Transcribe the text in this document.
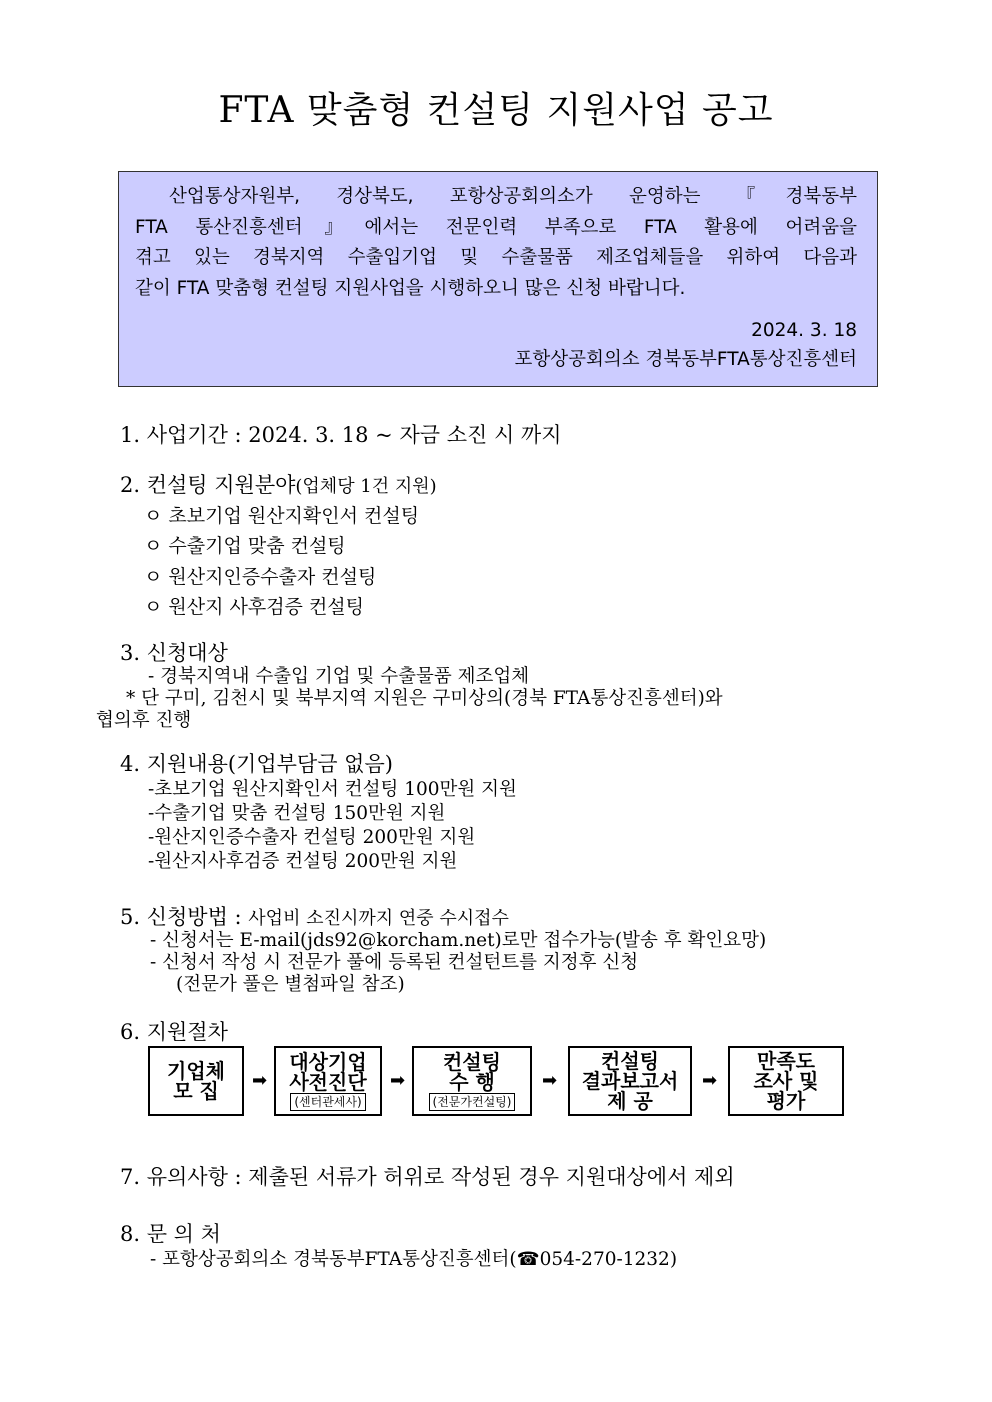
FTA 맞춤형 컨설팅 지원사업 공고
산업통상자원부, 경상북도, 포항상공회의소가 운영하는 『경북동부
FTA 통산진흥센터』에서는 전문인력 부족으로 FTA 활용에 어려움을
겪고 있는 경북지역 수출입기업 및 수출물품 제조업체들을 위하여 다음과
같이 FTA 맞춤형 컨설팅 지원사업을 시행하오니 많은 신청 바랍니다.
2024. 3. 18
포항상공회의소 경북동부FTA통상진흥센터
1. 사업기간 : 2024. 3. 18 ~ 자금 소진 시 까지
2. 컨설팅 지원분야(업체당 1건 지원)
ㅇ 초보기업 원산지확인서 컨설팅
ㅇ 수출기업 맞춤 컨설팅
ㅇ 원산지인증수출자 컨설팅
ㅇ 원산지 사후검증 컨설팅
3. 신청대상
- 경북지역내 수출입 기업 및 수출물품 제조업체
* 단 구미, 김천시 및 북부지역 지원은 구미상의(경북 FTA통상진흥센터)와
협의후 진행
4. 지원내용(기업부담금 없음)
-초보기업 원산지확인서 컨설팅 100만원 지원
-수출기업 맞춤 컨설팅 150만원 지원
-원산지인증수출자 컨설팅 200만원 지원
-원산지사후검증 컨설팅 200만원 지원
5. 신청방법 : 사업비 소진시까지 연중 수시접수
- 신청서는 E-mail(jds92@korcham.net)로만 접수가능(발송 후 확인요망)
- 신청서 작성 시 전문가 풀에 등록된 컨설턴트를 지정후 신청
(전문가 풀은 별첨파일 참조)
6. 지원절차
기업체
모 집 ➡
대상기업
사전진단
(센터관세사)
➡
컨설팅
수 행
(전문가컨설팅)
➡
컨설팅
결과보고서
제 공
➡
만족도
조사 및
평가
7. 유의사항 : 제출된 서류가 허위로 작성된 경우 지원대상에서 제외
8. 문 의 처
- 포항상공회의소 경북동부FTA통상진흥센터(☎054-270-1232)
